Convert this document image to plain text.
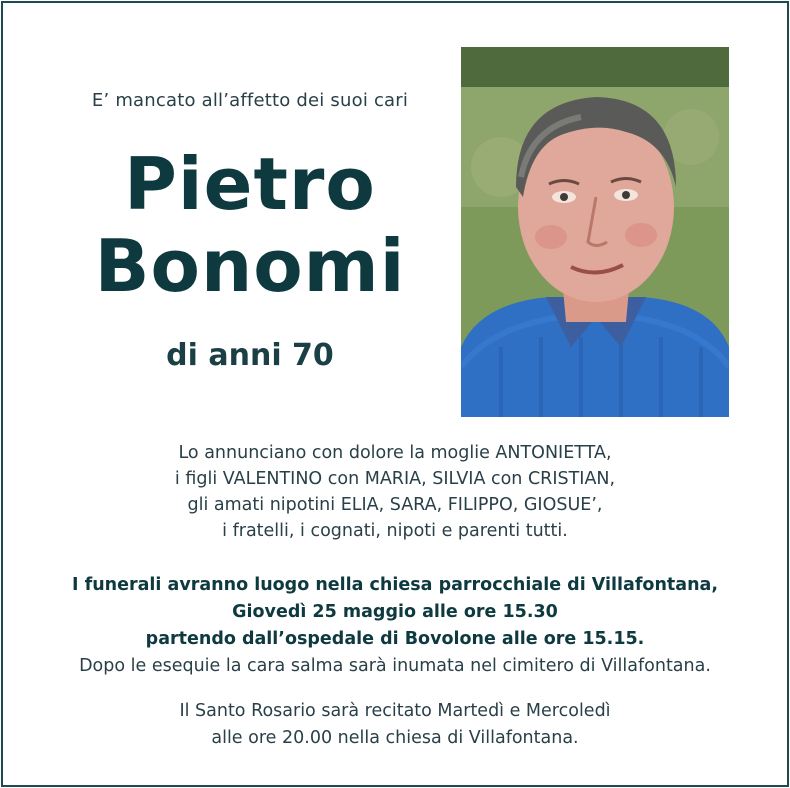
E’ mancato all’affetto dei suoi cari
Pietro
Bonomi
di anni 70
Lo annunciano con dolore la moglie ANTONIETTA,
i figli VALENTINO con MARIA, SILVIA con CRISTIAN,
gli amati nipotini ELIA, SARA, FILIPPO, GIOSUE’,
i fratelli, i cognati, nipoti e parenti tutti.
I funerali avranno luogo nella chiesa parrocchiale di Villafontana,
Giovedì 25 maggio alle ore 15.30
partendo dall’ospedale di Bovolone alle ore 15.15.
Dopo le esequie la cara salma sarà inumata nel cimitero di Villafontana.
Il Santo Rosario sarà recitato Martedì e Mercoledì
alle ore 20.00 nella chiesa di Villafontana.
